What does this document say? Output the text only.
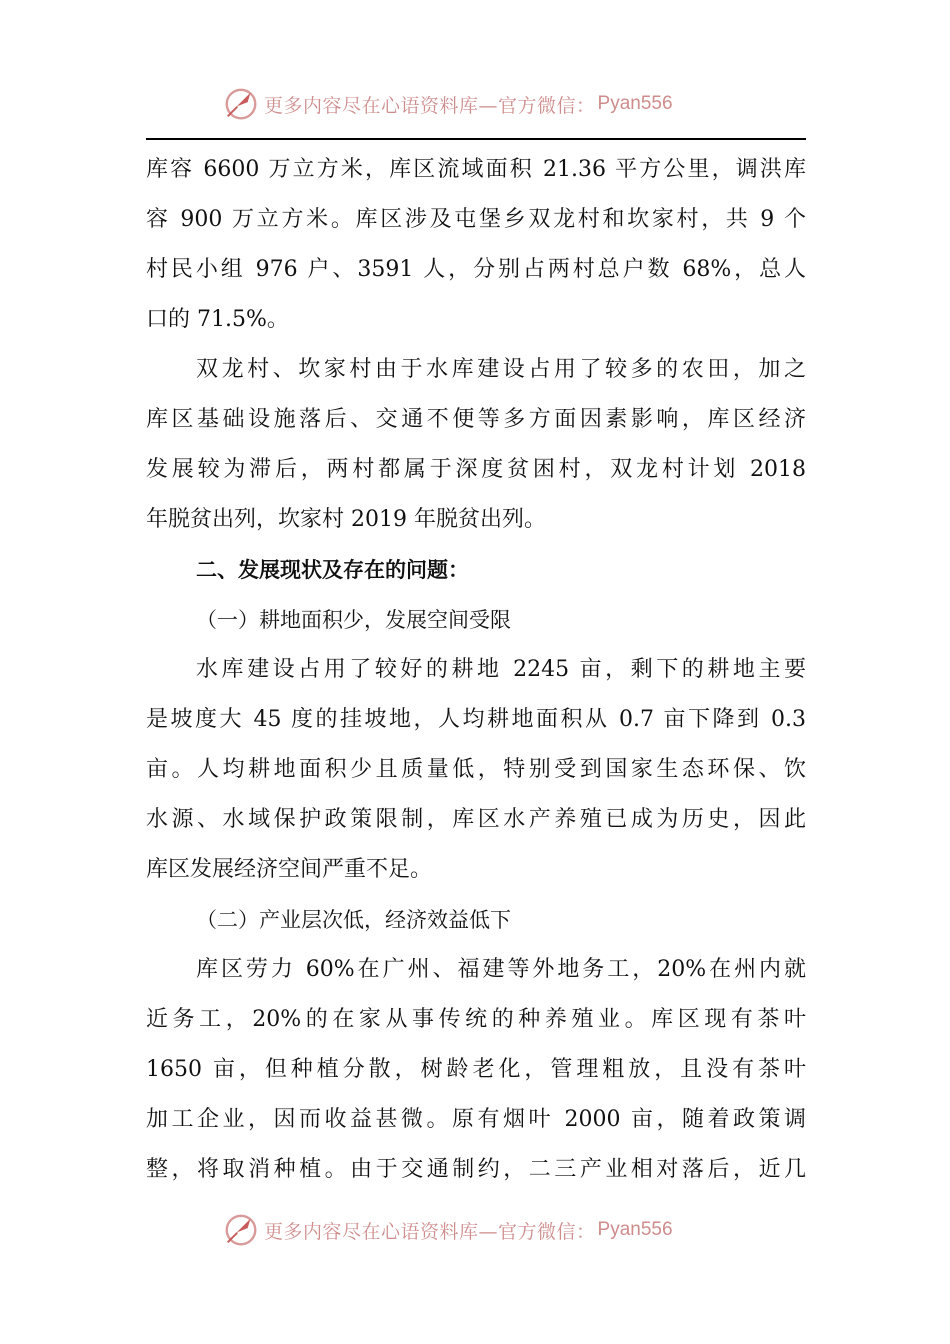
更多内容尽在心语资料库—官方微信： Pyan556
库容 6600 万立方米，库区流域面积 21.36 平方公里，调洪库
容 900 万立方米。库区涉及屯堡乡双龙村和坎家村，共 9 个
村民小组 976 户、3591 人，分别占两村总户数 68%，总人
口的 71.5%。
双龙村、坎家村由于水库建设占用了较多的农田，加之
库区基础设施落后、交通不便等多方面因素影响，库区经济
发展较为滞后，两村都属于深度贫困村，双龙村计划 2018
年脱贫出列，坎家村 2019 年脱贫出列。
二、发展现状及存在的问题：
（一）耕地面积少，发展空间受限
水库建设占用了较好的耕地 2245 亩，剩下的耕地主要
是坡度大 45 度的挂坡地，人均耕地面积从 0.7 亩下降到 0.3
亩。人均耕地面积少且质量低，特别受到国家生态环保、饮
水源、水域保护政策限制，库区水产养殖已成为历史，因此
库区发展经济空间严重不足。
（二）产业层次低，经济效益低下
库区劳力 60%在广州、福建等外地务工，20%在州内就
近务工，20%的在家从事传统的种养殖业。库区现有茶叶
1650 亩，但种植分散，树龄老化，管理粗放，且没有茶叶
加工企业，因而收益甚微。原有烟叶 2000 亩，随着政策调
整，将取消种植。由于交通制约，二三产业相对落后，近几
更多内容尽在心语资料库—官方微信： Pyan556
